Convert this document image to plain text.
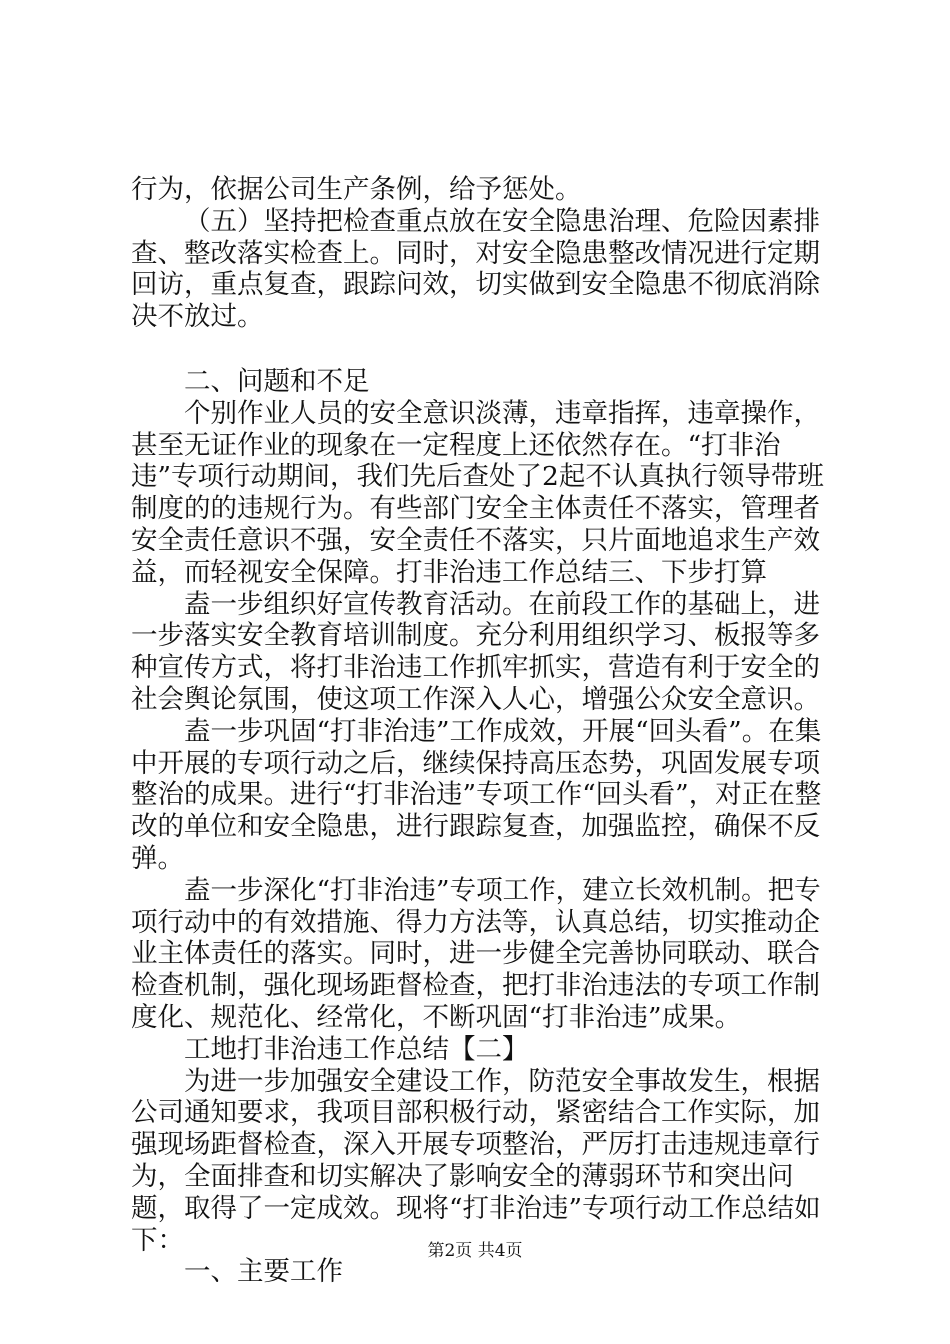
行为，依据公司生产条例，给予惩处。

（五）坚持把检查重点放在安全隐患治理、危险因素排查、整改落实检查上。同时，对安全隐患整改情况进行定期回访，重点复查，跟踪问效，切实做到安全隐患不彻底消除决不放过。

二、问题和不足

个别作业人员的安全意识淡薄，违章指挥，违章操作，甚至无证作业的现象在一定程度上还依然存在。“打非治违”专项行动期间，我们先后查处了2起不认真执行领导带班制度的的违规行为。有些部门安全主体责任不落实，管理者安全责任意识不强，安全责任不落实，只片面地追求生产效益，而轻视安全保障。打非治违工作总结三、下步打算

盍一步组织好宣传教育活动。在前段工作的基础上，进一步落实安全教育培训制度。充分利用组织学习、板报等多种宣传方式，将打非治违工作抓牢抓实，营造有利于安全的社会舆论氛围，使这项工作深入人心，增强公众安全意识。

盍一步巩固“打非治违”工作成效，开展“回头看”。在集中开展的专项行动之后，继续保持高压态势，巩固发展专项整治的成果。进行“打非治违”专项工作“回头看”，对正在整改的单位和安全隐患，进行跟踪复查，加强监控，确保不反弹。

盍一步深化“打非治违”专项工作，建立长效机制。把专项行动中的有效措施、得力方法等，认真总结，切实推动企业主体责任的落实。同时，进一步健全完善协同联动、联合检查机制，强化现场距督检查，把打非治违法的专项工作制度化、规范化、经常化，不断巩固“打非治违”成果。

工地打非治违工作总结【二】

为进一步加强安全建设工作，防范安全事故发生，根据公司通知要求，我项目部积极行动，紧密结合工作实际，加强现场距督检查，深入开展专项整治，严厉打击违规违章行为，全面排查和切实解决了影响安全的薄弱环节和突出问题，取得了一定成效。现将“打非治违”专项行动工作总结如下：

一、主要工作

第2页 共4页
